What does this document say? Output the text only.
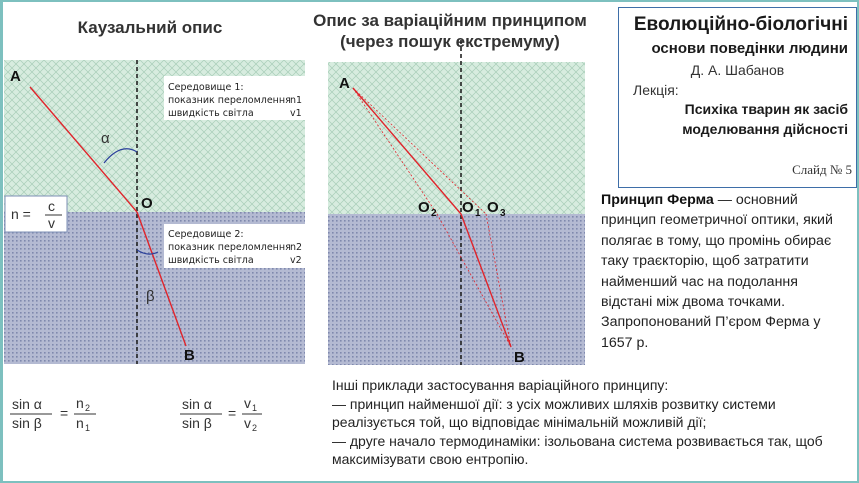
Каузальний опис	Опис за варіаційним принципом
(через пошук екстремуму)
A
O
B
α
β
Середовище 1:
показник переломлення n1
швидкість світла	v1
Середовище 2:
показник переломлення n2
швидкість світла	v2
n = c
v
A
B
O 2 O 1 O 3
sin α
sin β
=
n 2
n 1
sin α
sin β
=
v 1
v 2
Еволюційно-біологічні
основи поведінки людини
Д. А. Шабанов
Лекція:
Психіка тварин як засіб
моделювання дійсності
Слайд № 5
Принцип Ферма — основний принцип геометричної оптики, який полягає в тому, що промінь обирає таку траєкторію, щоб затратити найменший час на подолання відстані між двома точками. Запропонований П’єром Ферма у 1657 р.
Інші приклади застосування варіаційного принципу:
— принцип найменшої дії: з усіх можливих шляхів розвитку системи реалізується той, що відповідає мінімальній можливій дії;
— друге начало термодинаміки: ізольована система розвивається так, щоб максимізувати свою ентропію.
